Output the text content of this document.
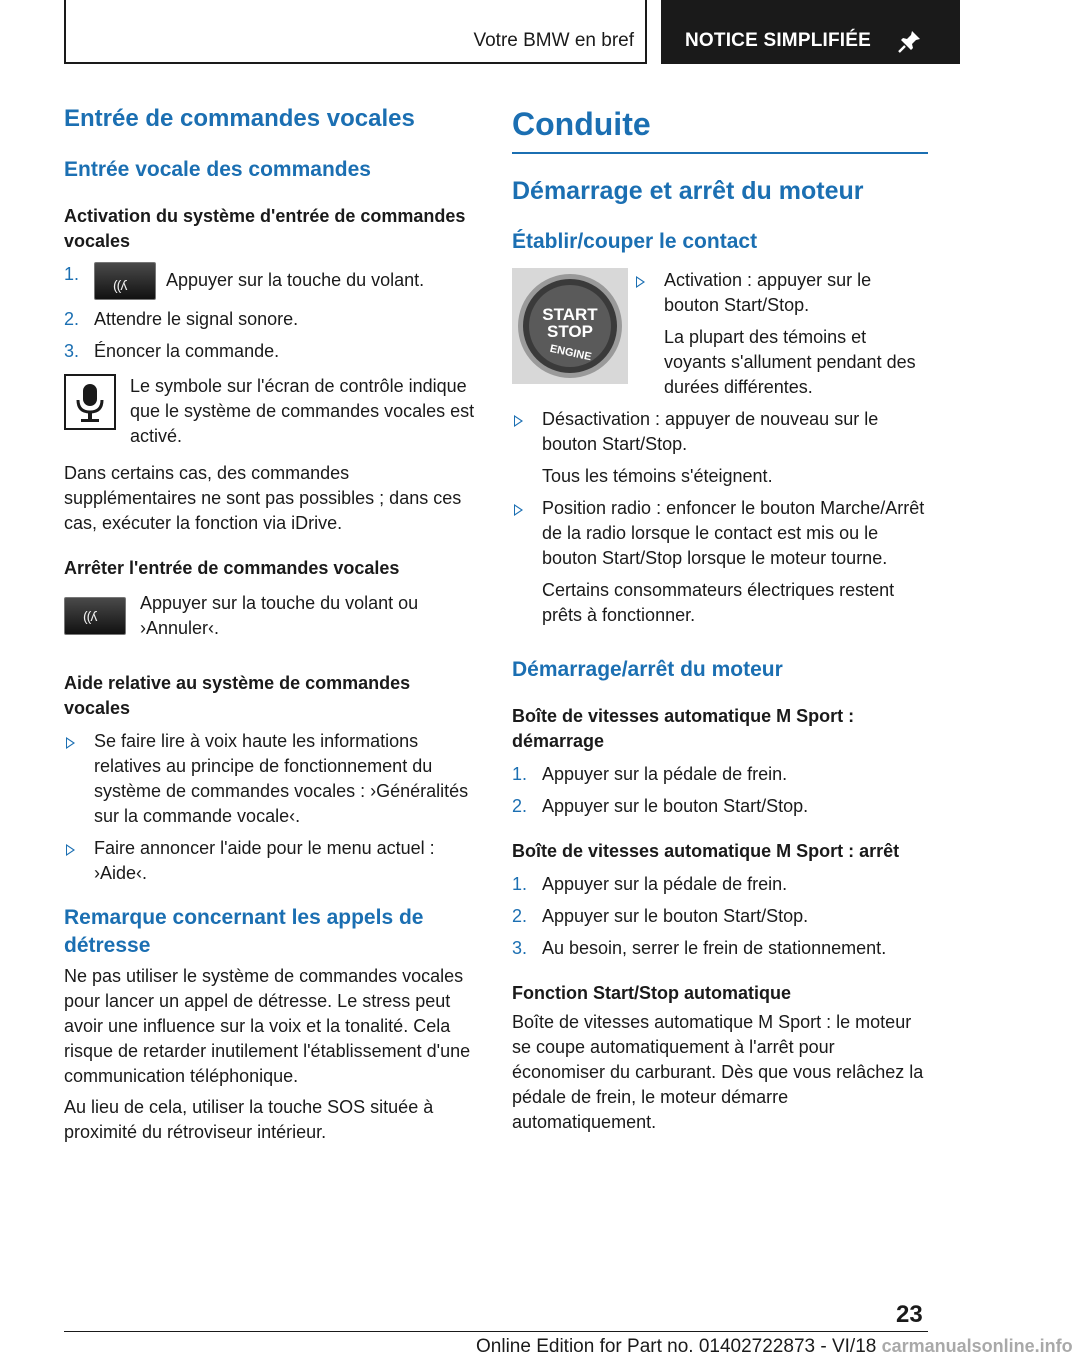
Votre BMW en bref	NOTICE SIMPLIFIÉE
Entrée de commandes vocales
Entrée vocale des commandes
Activation du système d'entrée de commandes vocales
1.
((ʎ Appuyer sur la touche du volant.
2. Attendre le signal sonore.
3. Énoncer la commande.
Le symbole sur l'écran de contrôle indique que le système de commandes vocales est activé.
Dans certains cas, des commandes supplémentaires ne sont pas possibles ; dans ces cas, exécuter la fonction via iDrive.
Arrêter l'entrée de commandes vocales
((ʎ
Appuyer sur la touche du volant ou ›Annuler‹.
Aide relative au système de commandes vocales
Se faire lire à voix haute les informations relatives au principe de fonctionnement du système de commandes vocales : ›Généralités sur la commande vocale‹.
Faire annoncer l'aide pour le menu actuel : ›Aide‹.
Remarque concernant les appels de détresse
Ne pas utiliser le système de commandes vocales pour lancer un appel de détresse. Le stress peut avoir une influence sur la voix et la tonalité. Cela risque de retarder inutilement l'établissement d'une communication téléphonique.
Au lieu de cela, utiliser la touche SOS située à proximité du rétroviseur intérieur.
Conduite
Démarrage et arrêt du moteur
Établir/couper le contact
START
STOP
ENGINE
Activation : appuyer sur le bouton Start/Stop.
La plupart des témoins et voyants s'allument pendant des durées différentes.
Désactivation : appuyer de nouveau sur le bouton Start/Stop.
Tous les témoins s'éteignent.
Position radio : enfoncer le bouton Marche/Arrêt de la radio lorsque le contact est mis ou le bouton Start/Stop lorsque le moteur tourne.
Certains consommateurs électriques restent prêts à fonctionner.
Démarrage/arrêt du moteur
Boîte de vitesses automatique M Sport : démarrage
1. Appuyer sur la pédale de frein.
2. Appuyer sur le bouton Start/Stop.
Boîte de vitesses automatique M Sport : arrêt
1. Appuyer sur la pédale de frein.
2. Appuyer sur le bouton Start/Stop.
3. Au besoin, serrer le frein de stationnement.
Fonction Start/Stop automatique
Boîte de vitesses automatique M Sport : le moteur se coupe automatiquement à l'arrêt pour économiser du carburant. Dès que vous relâchez la pédale de frein, le moteur démarre automatiquement.
23
Online Edition for Part no. 01402722873 - VI/18 carmanualsonline.info
